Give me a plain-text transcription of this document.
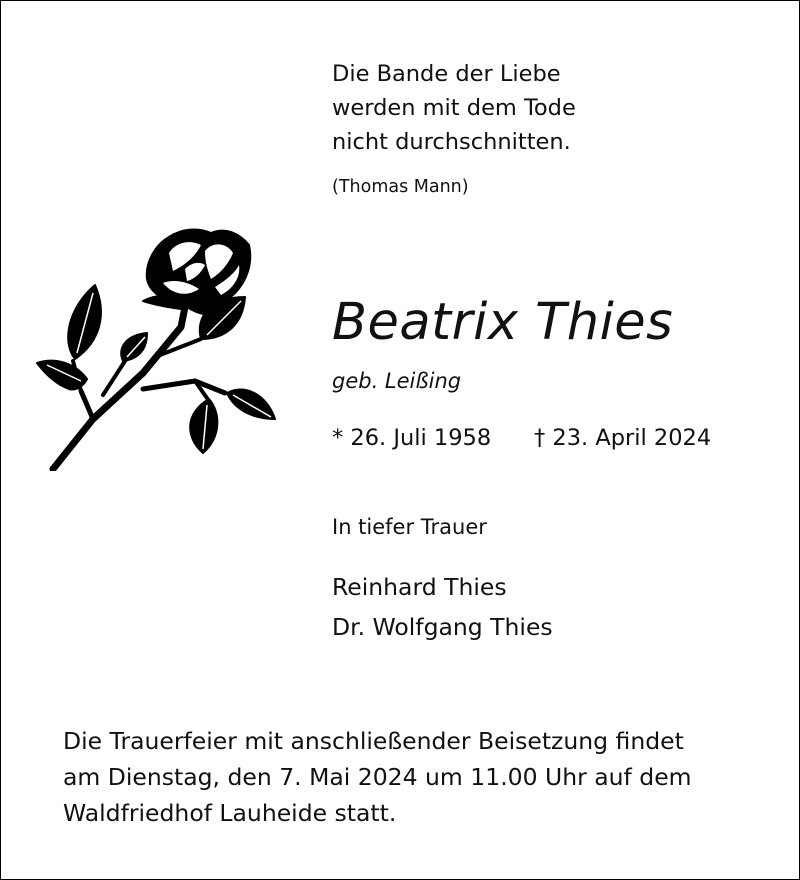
Die Bande der Liebe
werden mit dem Tode
nicht durchschnitten.
(Thomas Mann)
Beatrix Thies
geb. Leißing
* 26. Juli 1958 † 23. April 2024
In tiefer Trauer
Reinhard Thies
Dr. Wolfgang Thies
Die Trauerfeier mit anschließender Beisetzung findet
am Dienstag, den 7. Mai 2024 um 11.00 Uhr auf dem
Waldfriedhof Lauheide statt.
